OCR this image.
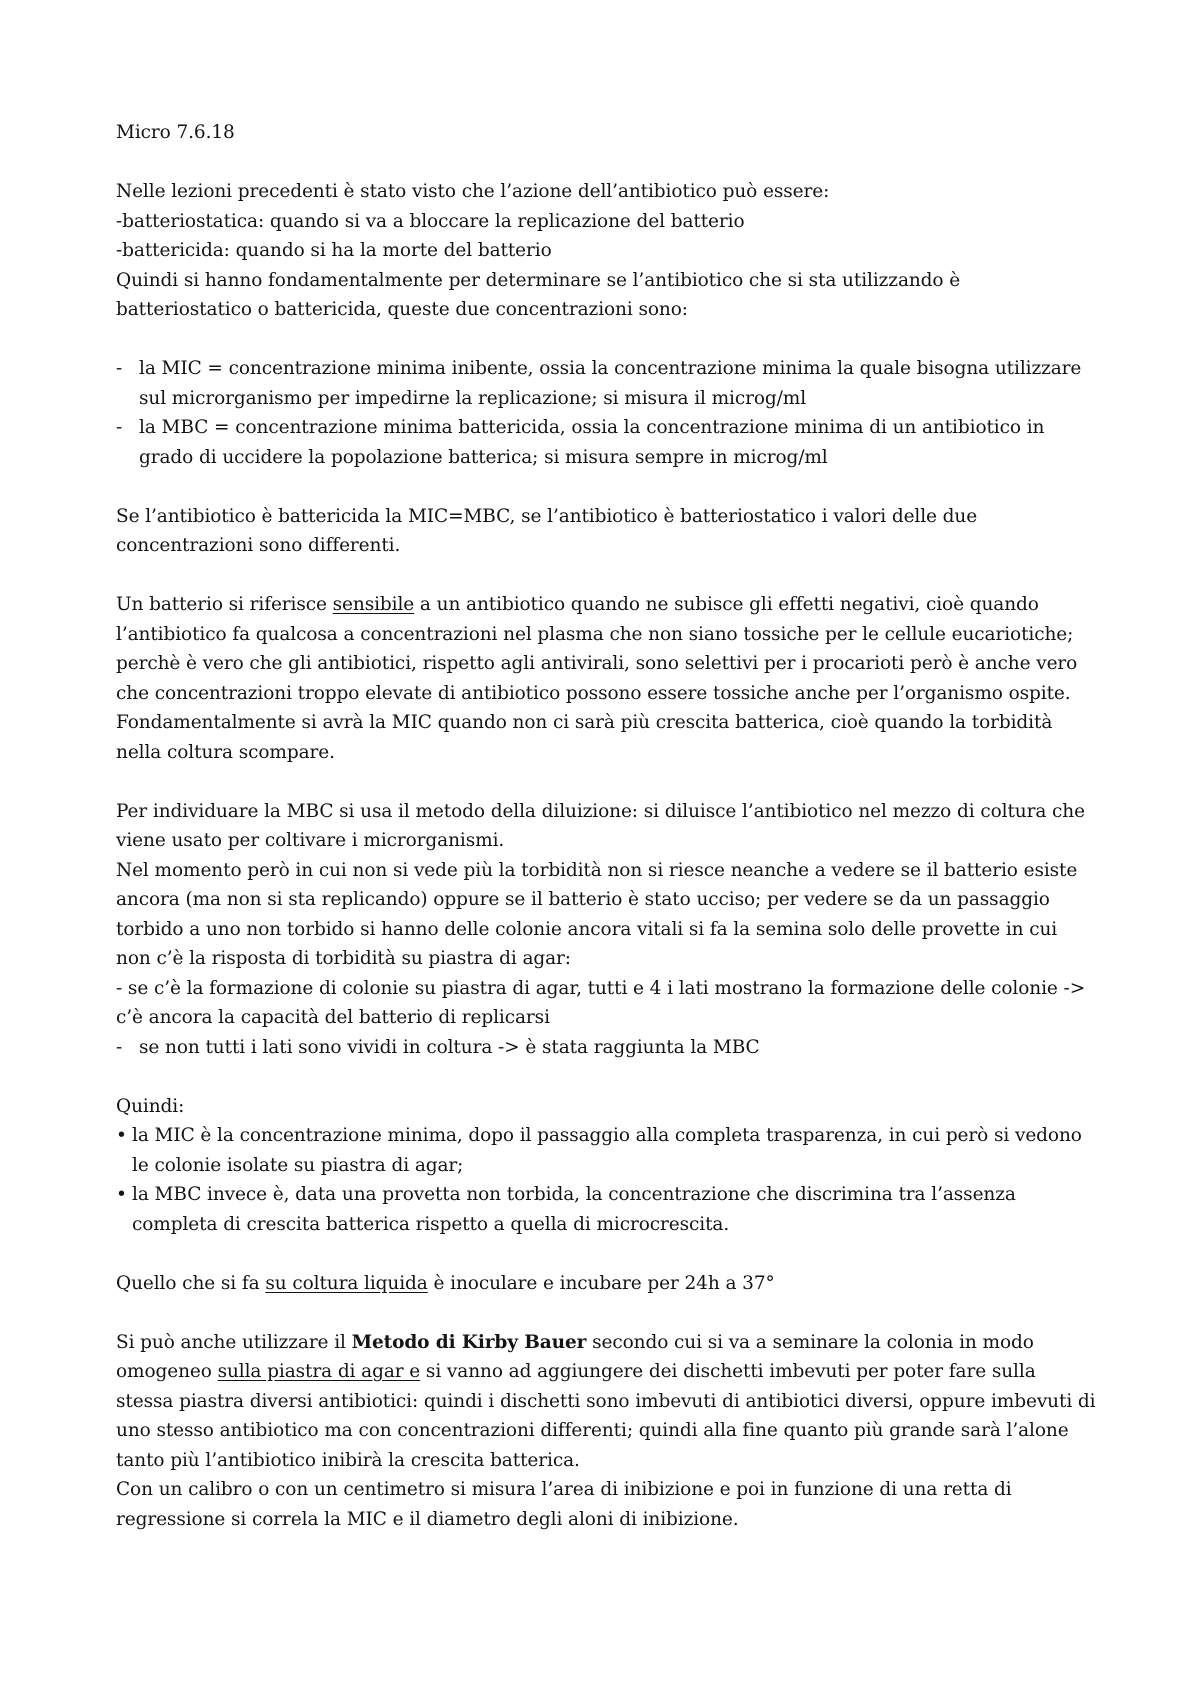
Micro 7.6.18

Nelle lezioni precedenti è stato visto che l’azione dell’antibiotico può essere:
-batteriostatica: quando si va a bloccare la replicazione del batterio
-battericida: quando si ha la morte del batterio
Quindi si hanno fondamentalmente per determinare se l’antibiotico che si sta utilizzando è batteriostatico o battericida, queste due concentrazioni sono:

- la MIC = concentrazione minima inibente, ossia la concentrazione minima la quale bisogna utilizzare sul microrganismo per impedirne la replicazione; si misura il microg/ml
- la MBC = concentrazione minima battericida, ossia la concentrazione minima di un antibiotico in grado di uccidere la popolazione batterica; si misura sempre in microg/ml

Se l’antibiotico è battericida la MIC=MBC, se l’antibiotico è batteriostatico i valori delle due concentrazioni sono differenti.

Un batterio si riferisce sensibile a un antibiotico quando ne subisce gli effetti negativi, cioè quando l’antibiotico fa qualcosa a concentrazioni nel plasma che non siano tossiche per le cellule eucariotiche; perchè è vero che gli antibiotici, rispetto agli antivirali, sono selettivi per i procarioti però è anche vero che concentrazioni troppo elevate di antibiotico possono essere tossiche anche per l’organismo ospite.
Fondamentalmente si avrà la MIC quando non ci sarà più crescita batterica, cioè quando la torbidità nella coltura scompare.

Per individuare la MBC si usa il metodo della diluizione: si diluisce l’antibiotico nel mezzo di coltura che viene usato per coltivare i microrganismi.
Nel momento però in cui non si vede più la torbidità non si riesce neanche a vedere se il batterio esiste ancora (ma non si sta replicando) oppure se il batterio è stato ucciso; per vedere se da un passaggio torbido a uno non torbido si hanno delle colonie ancora vitali si fa la semina solo delle provette in cui non c’è la risposta di torbidità su piastra di agar:
- se c’è la formazione di colonie su piastra di agar, tutti e 4 i lati mostrano la formazione delle colonie -> c’è ancora la capacità del batterio di replicarsi
- se non tutti i lati sono vividi in coltura -> è stata raggiunta la MBC

Quindi:
• la MIC è la concentrazione minima, dopo il passaggio alla completa trasparenza, in cui però si vedono le colonie isolate su piastra di agar;
• la MBC invece è, data una provetta non torbida, la concentrazione che discrimina tra l’assenza completa di crescita batterica rispetto a quella di microcrescita.

Quello che si fa su coltura liquida è inoculare e incubare per 24h a 37°

Si può anche utilizzare il Metodo di Kirby Bauer secondo cui si va a seminare la colonia in modo omogeneo sulla piastra di agar e si vanno ad aggiungere dei dischetti imbevuti per poter fare sulla stessa piastra diversi antibiotici: quindi i dischetti sono imbevuti di antibiotici diversi, oppure imbevuti di uno stesso antibiotico ma con concentrazioni differenti; quindi alla fine quanto più grande sarà l’alone tanto più l’antibiotico inibirà la crescita batterica.
Con un calibro o con un centimetro si misura l’area di inibizione e poi in funzione di una retta di regressione si correla la MIC e il diametro degli aloni di inibizione.
